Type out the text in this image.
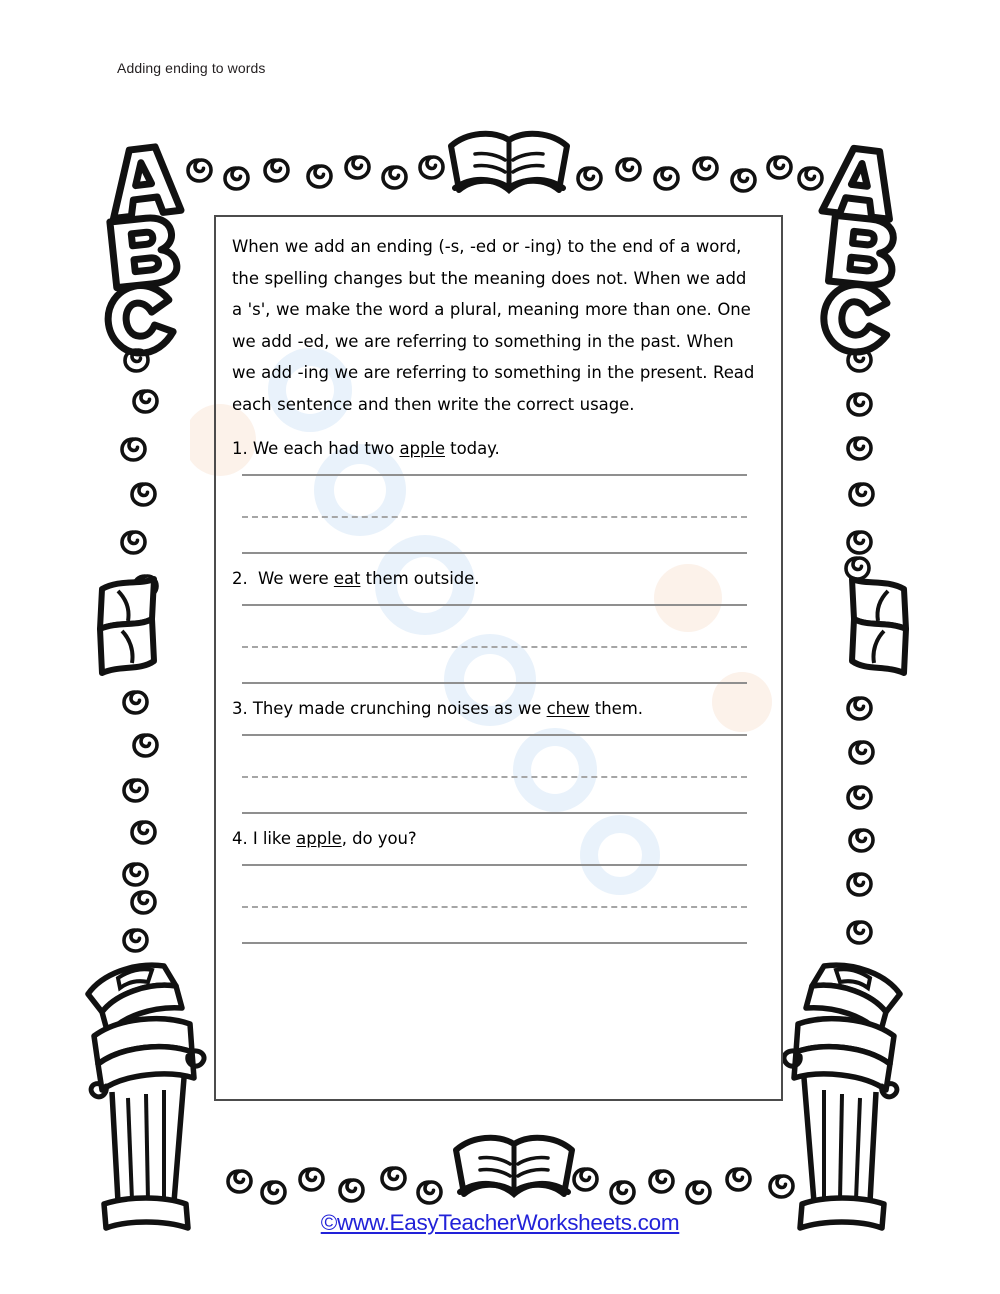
Adding ending to words

When we add an ending (-s, -ed or -ing) to the end of a word, the spelling changes but the meaning does not. When we add a 's', we make the word a plural, meaning more than one. One we add -ed, we are referring to something in the past. When we add -ing we are referring to something in the present. Read each sentence and then write the correct usage.

1. We each had two apple today.

2.  We were eat them outside.

3. They made crunching noises as we chew them.

4. I like apple, do you?

©www.EasyTeacherWorksheets.com
